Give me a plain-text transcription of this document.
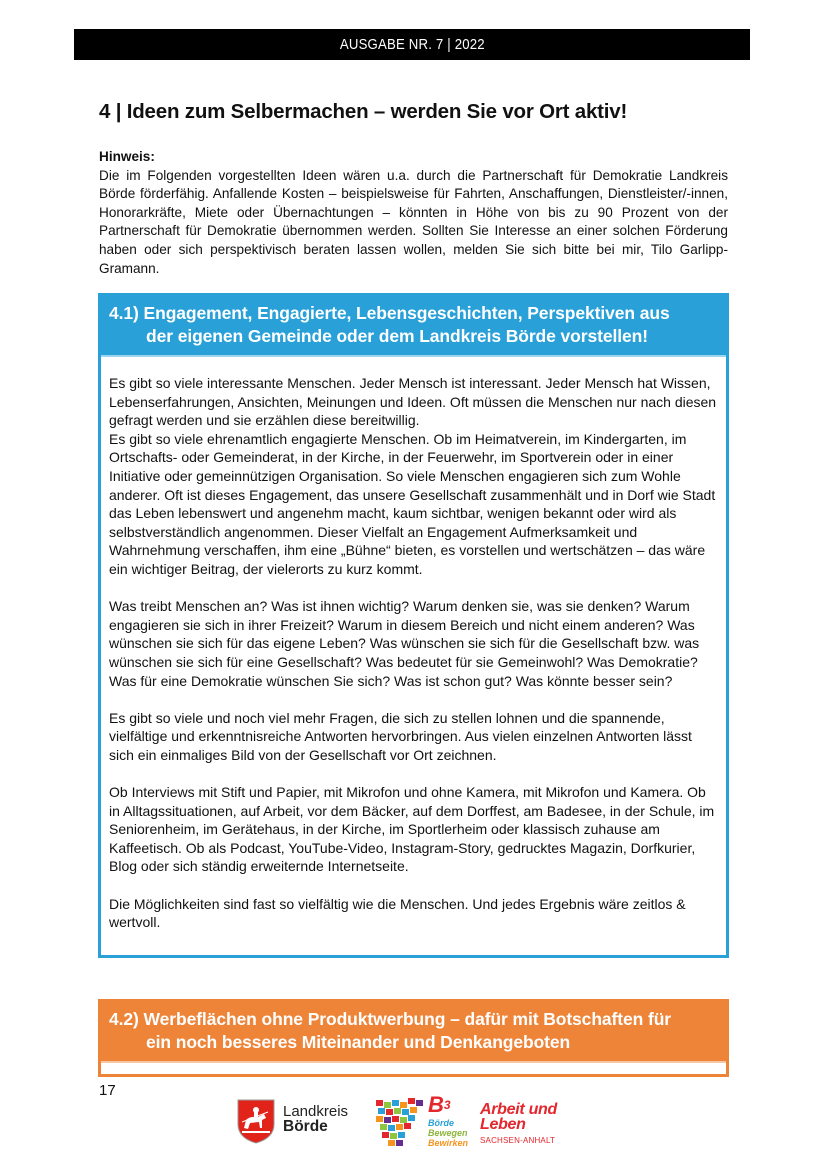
AUSGABE NR. 7 | 2022
4 | Ideen zum Selbermachen – werden Sie vor Ort aktiv!
Hinweis:
Die im Folgenden vorgestellten Ideen wären u.a. durch die Partnerschaft für Demokratie Landkreis Börde förderfähig. Anfallende Kosten – beispielsweise für Fahrten, Anschaffungen, Dienstleister/-innen, Honorarkräfte, Miete oder Übernachtungen – könnten in Höhe von bis zu 90 Prozent von der Partnerschaft für Demokratie übernommen werden. Sollten Sie Interesse an einer solchen Förderung haben oder sich perspektivisch beraten lassen wollen, melden Sie sich bitte bei mir, Tilo Garlipp-Gramann.
4.1) Engagement, Engagierte, Lebensgeschichten, Perspektiven aus
der eigenen Gemeinde oder dem Landkreis Börde vorstellen!

Es gibt so viele interessante Menschen. Jeder Mensch ist interessant. Jeder Mensch hat Wissen, Lebenserfahrungen, Ansichten, Meinungen und Ideen. Oft müssen die Menschen nur nach diesen gefragt werden und sie erzählen diese bereitwillig.

Es gibt so viele ehrenamtlich engagierte Menschen. Ob im Heimatverein, im Kindergarten, im Ortschafts- oder Gemeinderat, in der Kirche, in der Feuerwehr, im Sportverein oder in einer Initiative oder gemeinnützigen Organisation. So viele Menschen engagieren sich zum Wohle anderer. Oft ist dieses Engagement, das unsere Gesellschaft zusammenhält und in Dorf wie Stadt das Leben lebenswert und angenehm macht, kaum sichtbar, wenigen bekannt oder wird als selbstverständlich angenommen. Dieser Vielfalt an Engagement Aufmerksamkeit und Wahrnehmung verschaffen, ihm eine „Bühne“ bieten, es vorstellen und wertschätzen – das wäre ein wichtiger Beitrag, der vielerorts zu kurz kommt.

Was treibt Menschen an? Was ist ihnen wichtig? Warum denken sie, was sie denken? Warum engagieren sie sich in ihrer Freizeit? Warum in diesem Bereich und nicht einem anderen? Was wünschen sie sich für das eigene Leben? Was wünschen sie sich für die Gesellschaft bzw. was wünschen sie sich für eine Gesellschaft? Was bedeutet für sie Gemeinwohl? Was Demokratie? Was für eine Demokratie wünschen Sie sich? Was ist schon gut? Was könnte besser sein?

Es gibt so viele und noch viel mehr Fragen, die sich zu stellen lohnen und die spannende, vielfältige und erkenntnisreiche Antworten hervorbringen. Aus vielen einzelnen Antworten lässt sich ein einmaliges Bild von der Gesellschaft vor Ort zeichnen.

Ob Interviews mit Stift und Papier, mit Mikrofon und ohne Kamera, mit Mikrofon und Kamera. Ob in Alltagssituationen, auf Arbeit, vor dem Bäcker, auf dem Dorffest, am Badesee, in der Schule, im Seniorenheim, im Gerätehaus, in der Kirche, im Sportlerheim oder klassisch zuhause am Kaffeetisch. Ob als Podcast, YouTube-Video, Instagram-Story, gedrucktes Magazin, Dorfkurier, Blog oder sich ständig erweiternde Internetseite.

Die Möglichkeiten sind fast so vielfältig wie die Menschen. Und jedes Ergebnis wäre zeitlos & wertvoll.

4.2) Werbeflächen ohne Produktwerbung – dafür mit Botschaften für
ein noch besseres Miteinander und Denkangeboten
17
Landkreis
Börde
$B^3$
Börde
Bewegen
Bewirken
Arbeit und
Leben
SACHSEN-ANHALT
